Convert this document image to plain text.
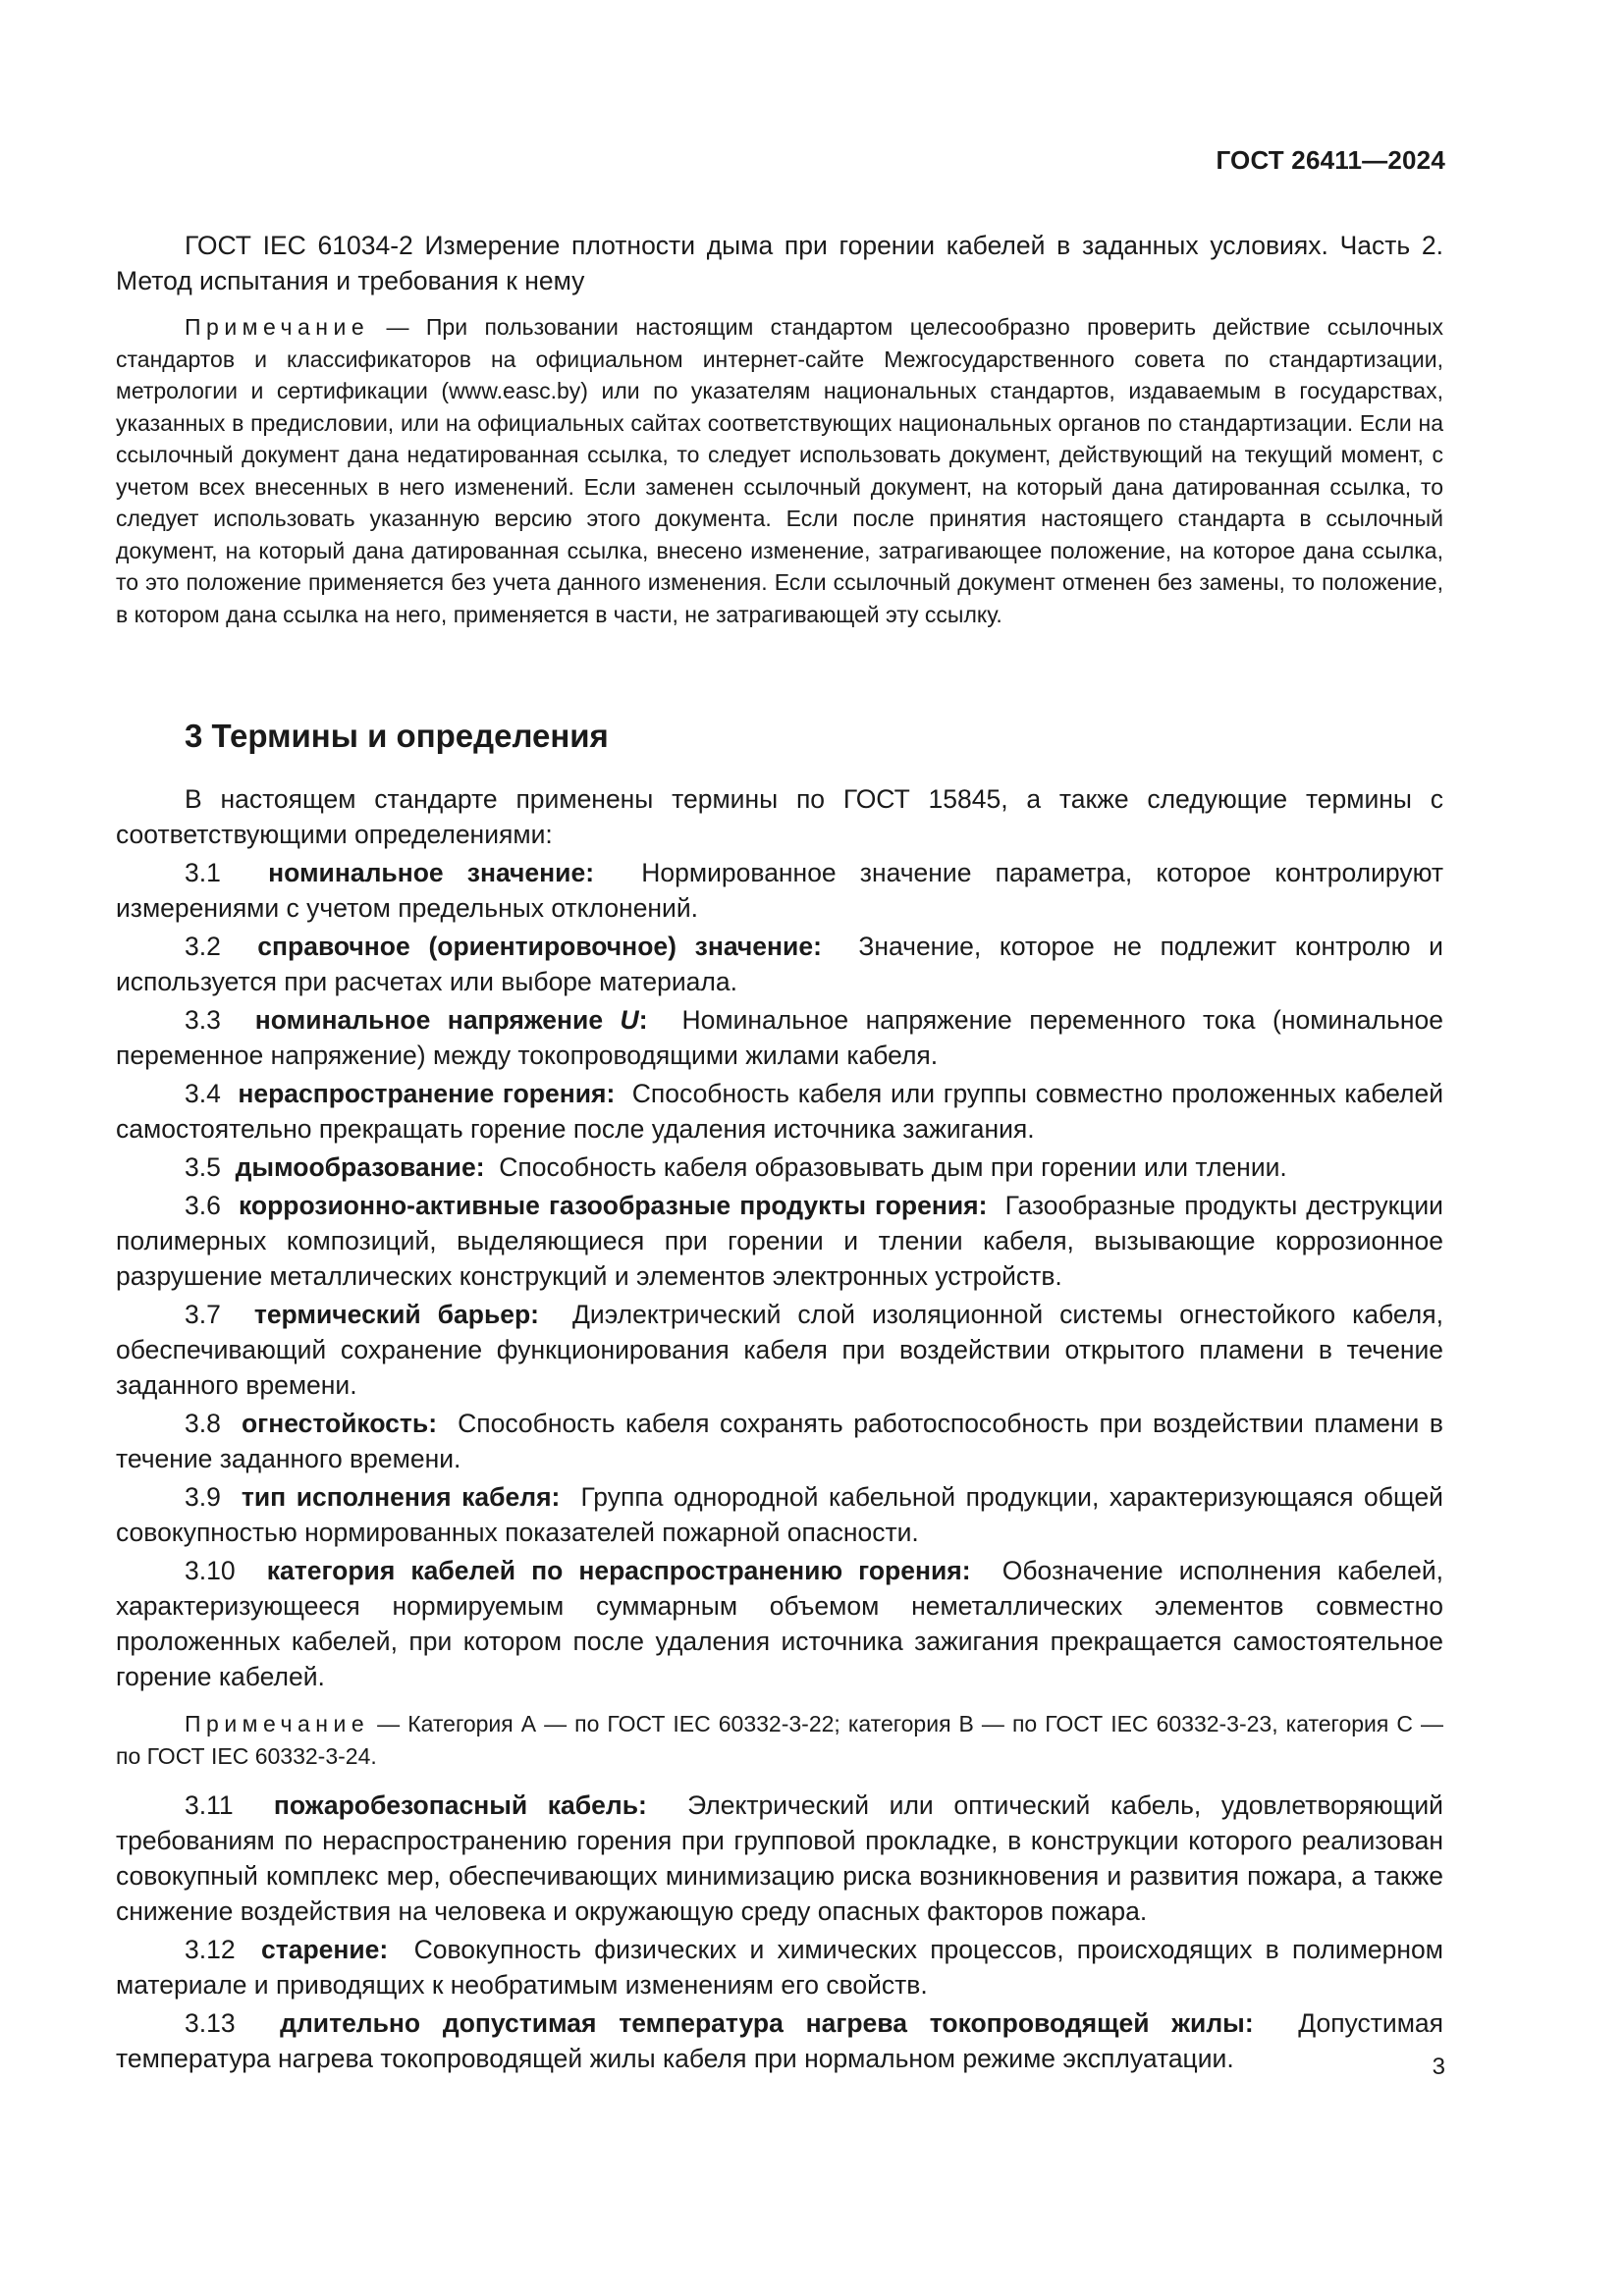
ГОСТ 26411—2024

ГОСТ IEC 61034-2 Измерение плотности дыма при горении кабелей в заданных условиях. Часть 2. Метод испытания и требования к нему

Примечание — При пользовании настоящим стандартом целесообразно проверить действие ссылочных стандартов и классификаторов на официальном интернет-сайте Межгосударственного совета по стандартизации, метрологии и сертификации (www.easc.by) или по указателям национальных стандартов, издаваемым в государствах, указанных в предисловии, или на официальных сайтах соответствующих национальных органов по стандартизации. Если на ссылочный документ дана недатированная ссылка, то следует использовать документ, действующий на текущий момент, с учетом всех внесенных в него изменений. Если заменен ссылочный документ, на который дана датированная ссылка, то следует использовать указанную версию этого документа. Если после принятия настоящего стандарта в ссылочный документ, на который дана датированная ссылка, внесено изменение, затрагивающее положение, на которое дана ссылка, то это положение применяется без учета данного изменения. Если ссылочный документ отменен без замены, то положение, в котором дана ссылка на него, применяется в части, не затрагивающей эту ссылку.

3 Термины и определения

В настоящем стандарте применены термины по ГОСТ 15845, а также следующие термины с соответствующими определениями:

3.1 номинальное значение: Нормированное значение параметра, которое контролируют измерениями с учетом предельных отклонений.

3.2 справочное (ориентировочное) значение: Значение, которое не подлежит контролю и используется при расчетах или выборе материала.

3.3 номинальное напряжение U: Номинальное напряжение переменного тока (номинальное переменное напряжение) между токопроводящими жилами кабеля.

3.4 нераспространение горения: Способность кабеля или группы совместно проложенных кабелей самостоятельно прекращать горение после удаления источника зажигания.

3.5 дымообразование: Способность кабеля образовывать дым при горении или тлении.

3.6 коррозионно-активные газообразные продукты горения: Газообразные продукты деструкции полимерных композиций, выделяющиеся при горении и тлении кабеля, вызывающие коррозионное разрушение металлических конструкций и элементов электронных устройств.

3.7 термический барьер: Диэлектрический слой изоляционной системы огнестойкого кабеля, обеспечивающий сохранение функционирования кабеля при воздействии открытого пламени в течение заданного времени.

3.8 огнестойкость: Способность кабеля сохранять работоспособность при воздействии пламени в течение заданного времени.

3.9 тип исполнения кабеля: Группа однородной кабельной продукции, характеризующаяся общей совокупностью нормированных показателей пожарной опасности.

3.10 категория кабелей по нераспространению горения: Обозначение исполнения кабелей, характеризующееся нормируемым суммарным объемом неметаллических элементов совместно проложенных кабелей, при котором после удаления источника зажигания прекращается самостоятельное горение кабелей.

Примечание — Категория А — по ГОСТ IEC 60332-3-22; категория В — по ГОСТ IEC 60332-3-23, категория С — по ГОСТ IEC 60332-3-24.

3.11 пожаробезопасный кабель: Электрический или оптический кабель, удовлетворяющий требованиям по нераспространению горения при групповой прокладке, в конструкции которого реализован совокупный комплекс мер, обеспечивающих минимизацию риска возникновения и развития пожара, а также снижение воздействия на человека и окружающую среду опасных факторов пожара.

3.12 старение: Совокупность физических и химических процессов, происходящих в полимерном материале и приводящих к необратимым изменениям его свойств.

3.13 длительно допустимая температура нагрева токопроводящей жилы: Допустимая температура нагрева токопроводящей жилы кабеля при нормальном режиме эксплуатации.	3
